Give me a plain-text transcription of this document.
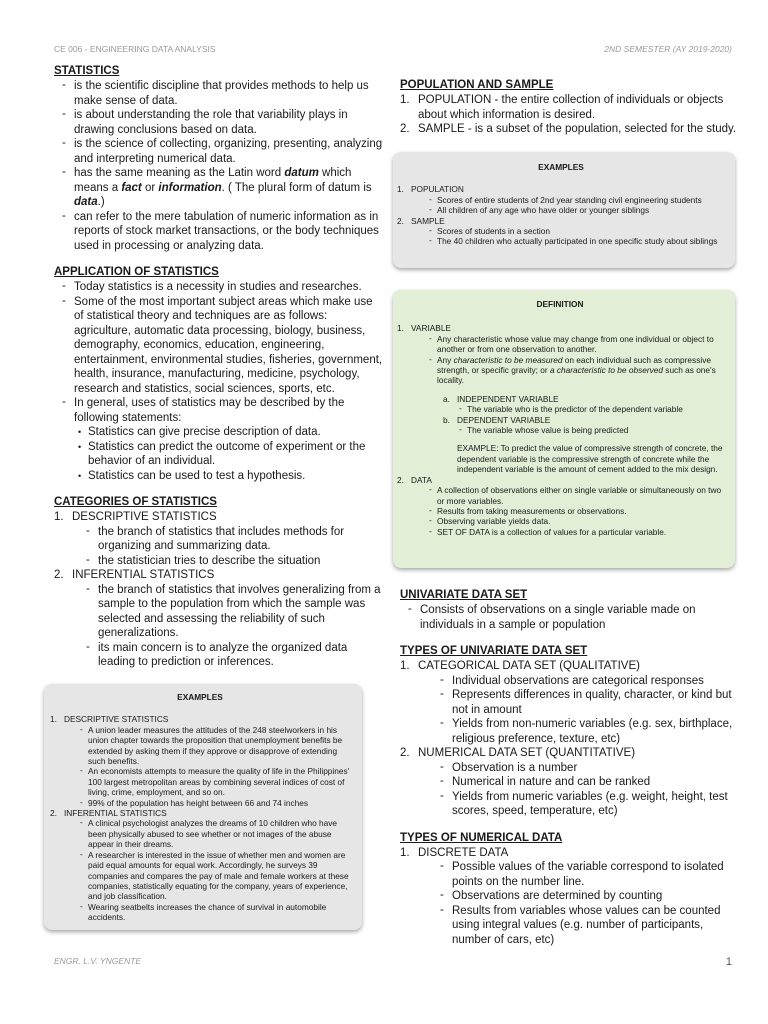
CE 006 - ENGINEERING DATA ANALYSIS	2ND SEMESTER (AY 2019-2020)
STATISTICS

- is the scientific discipline that provides methods to help us make sense of data.

- is about understanding the role that variability plays in drawing conclusions based on data.

- is the science of collecting, organizing, presenting, analyzing and interpreting numerical data.

- has the same meaning as the Latin word datum which means a fact or information. ( The plural form of datum is data.)

- can refer to the mere tabulation of numeric information as in reports of stock market transactions, or the body techniques used in processing or analyzing data.

APPLICATION OF STATISTICS

- Today statistics is a necessity in studies and researches.

- Some of the most important subject areas which make use of statistical theory and techniques are as follows: agriculture, automatic data processing, biology, business, demography, economics, education, engineering, entertainment, environmental studies, fisheries, government, health, insurance, manufacturing, medicine, psychology, research and statistics, social sciences, sports, etc.

- In general, uses of statistics may be described by the following statements:

• Statistics can give precise description of data.

• Statistics can predict the outcome of experiment or the behavior of an individual.

• Statistics can be used to test a hypothesis.

CATEGORIES OF STATISTICS

1. DESCRIPTIVE STATISTICS

- the branch of statistics that includes methods for organizing and summarizing data.

- the statistician tries to describe the situation

2. INFERENTIAL STATISTICS

- the branch of statistics that involves generalizing from a sample to the population from which the sample was selected and assessing the reliability of such generalizations.

- its main concern is to analyze the organized data leading to prediction or inferences.

EXAMPLES

1. DESCRIPTIVE STATISTICS

- A union leader measures the attitudes of the 248 steelworkers in his union chapter towards the proposition that unemployment benefits be extended by asking them if they approve or disapprove of extending such benefits.

- An economists attempts to measure the quality of life in the Philippines' 100 largest metropolitan areas by combining several indices of cost of living, crime, employment, and so on.

- 99% of the population has height between 66 and 74 inches

2. INFERENTIAL STATISTICS

- A clinical psychologist analyzes the dreams of 10 children who have been physically abused to see whether or not images of the abuse appear in their dreams.

- A researcher is interested in the issue of whether men and women are paid equal amounts for equal work. Accordingly, he surveys 39 companies and compares the pay of male and female workers at these companies, statistically equating for the company, years of experience, and job classification.

- Wearing seatbelts increases the chance of survival in automobile accidents.

POPULATION AND SAMPLE

1. POPULATION - the entire collection of individuals or objects about which information is desired.

2. SAMPLE - is a subset of the population, selected for the study.

EXAMPLES

1. POPULATION

- Scores of entire students of 2nd year standing civil engineering students

- All children of any age who have older or younger siblings

2. SAMPLE

- Scores of students in a section

- The 40 children who actually participated in one specific study about siblings

DEFINITION

1. VARIABLE

- Any characteristic whose value may change from one individual or object to another or from one observation to another.

- Any characteristic to be measured on each individual such as compressive strength, or specific gravity; or a characteristic to be observed such as one's locality.

a. INDEPENDENT VARIABLE

- The variable who is the predictor of the dependent variable

b. DEPENDENT VARIABLE

- The variable whose value is being predicted

EXAMPLE: To predict the value of compressive strength of concrete, the dependent variable is the compressive strength of concrete while the independent variable is the amount of cement added to the mix design.

2. DATA

- A collection of observations either on single variable or simultaneously on two or more variables.

- Results from taking measurements or observations.

- Observing variable yields data.

- SET OF DATA is a collection of values for a particular variable.

UNIVARIATE DATA SET

- Consists of observations on a single variable made on individuals in a sample or population

TYPES OF UNIVARIATE DATA SET

1. CATEGORICAL DATA SET (QUALITATIVE)

- Individual observations are categorical responses

- Represents differences in quality, character, or kind but not in amount

- Yields from non-numeric variables (e.g. sex, birthplace, religious preference, texture, etc)

2. NUMERICAL DATA SET (QUANTITATIVE)

- Observation is a number

- Numerical in nature and can be ranked

- Yields from numeric variables (e.g. weight, height, test scores, speed, temperature, etc)

TYPES OF NUMERICAL DATA

1. DISCRETE DATA

- Possible values of the variable correspond to isolated points on the number line.

- Observations are determined by counting

- Results from variables whose values can be counted using integral values (e.g. number of participants, number of cars, etc)

ENGR. L.V. YNGENTE	1
